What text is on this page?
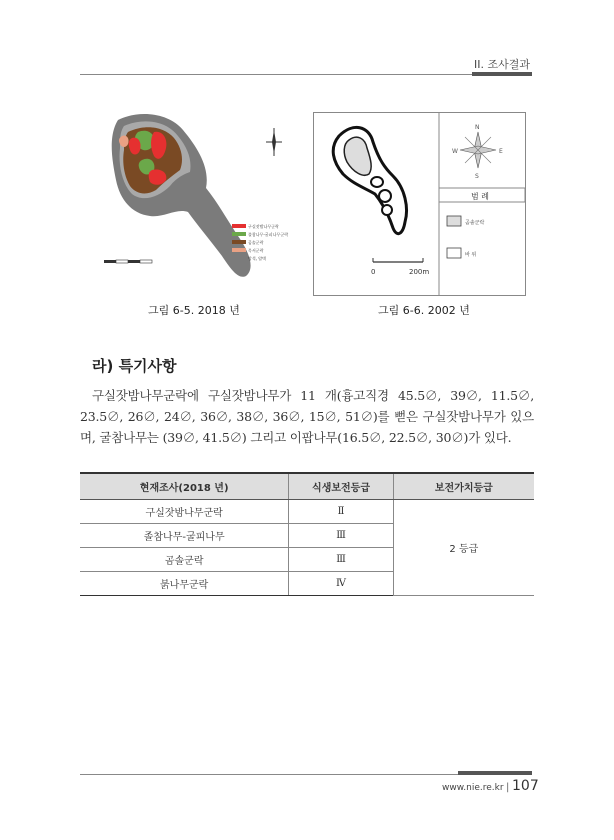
II. 조사결과
구실잣밤나무군락
졸참나무-굴피나무군락
곰솔군락
묵서군락
암석, 암벽
0	200m
N
S
E
W
범 례
곰솔군락
바 위
그림 6-5. 2018 년	그림 6-6. 2002 년
라) 특기사항
구실잣밤나무군락에 구실잣밤나무가 11 개(흉고직경 45.5∅, 39∅, 11.5∅, 23.5∅, 26∅, 24∅, 36∅, 38∅, 36∅, 15∅, 51∅)를 뻗은 구실잣밤나무가 있으며, 굴참나무는 (39∅, 41.5∅) 그리고 이팝나무(16.5∅, 22.5∅, 30∅)가 있다.
현재조사(2018 년)	식생보전등급	보전가치등급
구실잣밤나무군락	Ⅱ	2 등급
졸참나무-굴피나무	Ⅲ	
곰솔군락	Ⅲ	
붉나무군락	Ⅳ	
www.nie.re.kr | 107
